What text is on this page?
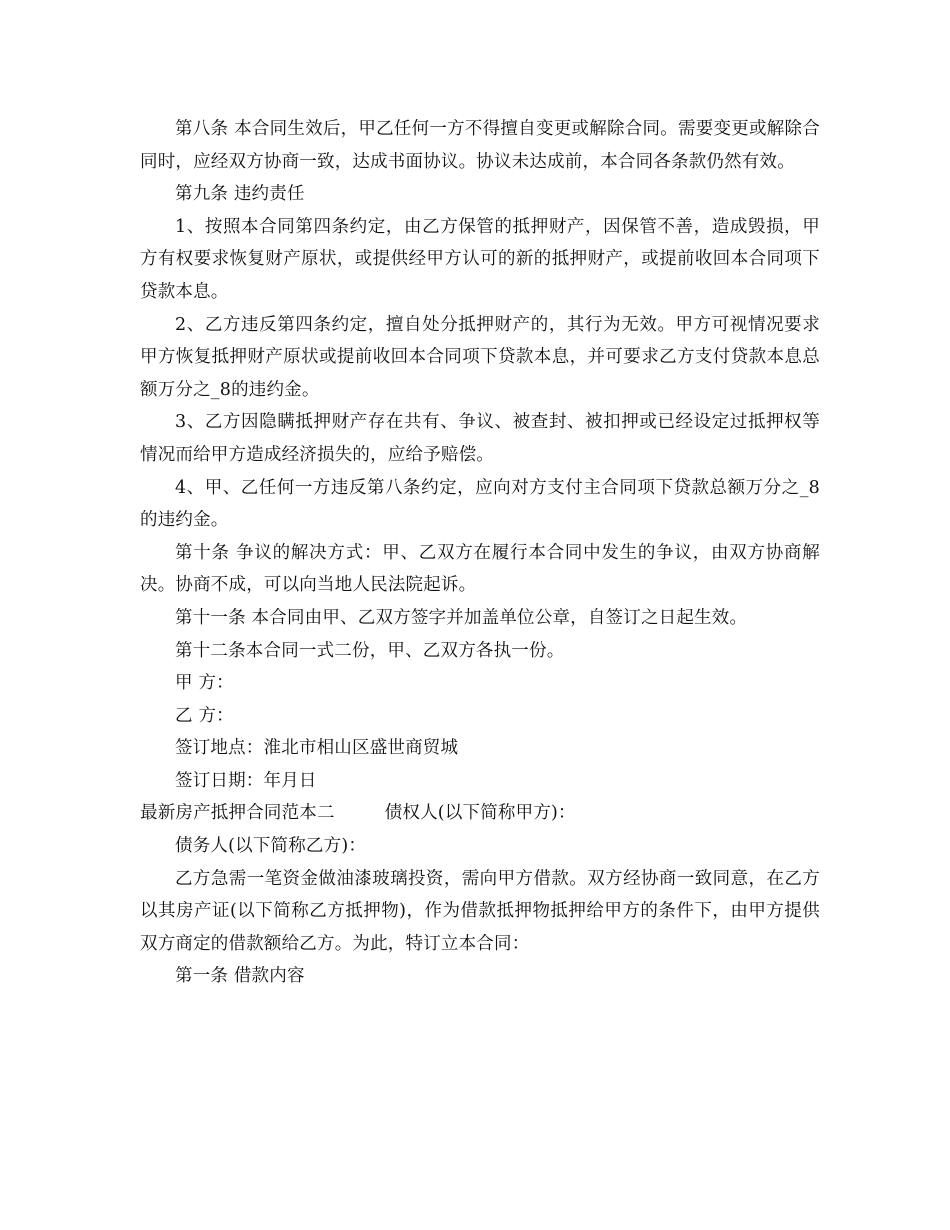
第八条 本合同生效后，甲乙任何一方不得擅自变更或解除合同。需要变更或解除合同时，应经双方协商一致，达成书面协议。协议未达成前，本合同各条款仍然有效。

第九条 违约责任

1、按照本合同第四条约定，由乙方保管的抵押财产，因保管不善，造成毁损，甲方有权要求恢复财产原状，或提供经甲方认可的新的抵押财产，或提前收回本合同项下贷款本息。

2、乙方违反第四条约定，擅自处分抵押财产的，其行为无效。甲方可视情况要求甲方恢复抵押财产原状或提前收回本合同项下贷款本息，并可要求乙方支付贷款本息总额万分之_8的违约金。

3、乙方因隐瞒抵押财产存在共有、争议、被查封、被扣押或已经设定过抵押权等情况而给甲方造成经济损失的，应给予赔偿。

4、甲、乙任何一方违反第八条约定，应向对方支付主合同项下贷款总额万分之_8的违约金。

第十条 争议的解决方式：甲、乙双方在履行本合同中发生的争议，由双方协商解决。协商不成，可以向当地人民法院起诉。

第十一条 本合同由甲、乙双方签字并加盖单位公章，自签订之日起生效。

第十二条本合同一式二份，甲、乙双方各执一份。

甲 方：

乙 方：

签订地点：淮北市相山区盛世商贸城

签订日期：年月日

最新房产抵押合同范本二	债权人(以下简称甲方)：

债务人(以下简称乙方)：

乙方急需一笔资金做油漆玻璃投资，需向甲方借款。双方经协商一致同意，在乙方以其房产证(以下简称乙方抵押物)，作为借款抵押物抵押给甲方的条件下，由甲方提供双方商定的借款额给乙方。为此，特订立本合同：

第一条 借款内容
